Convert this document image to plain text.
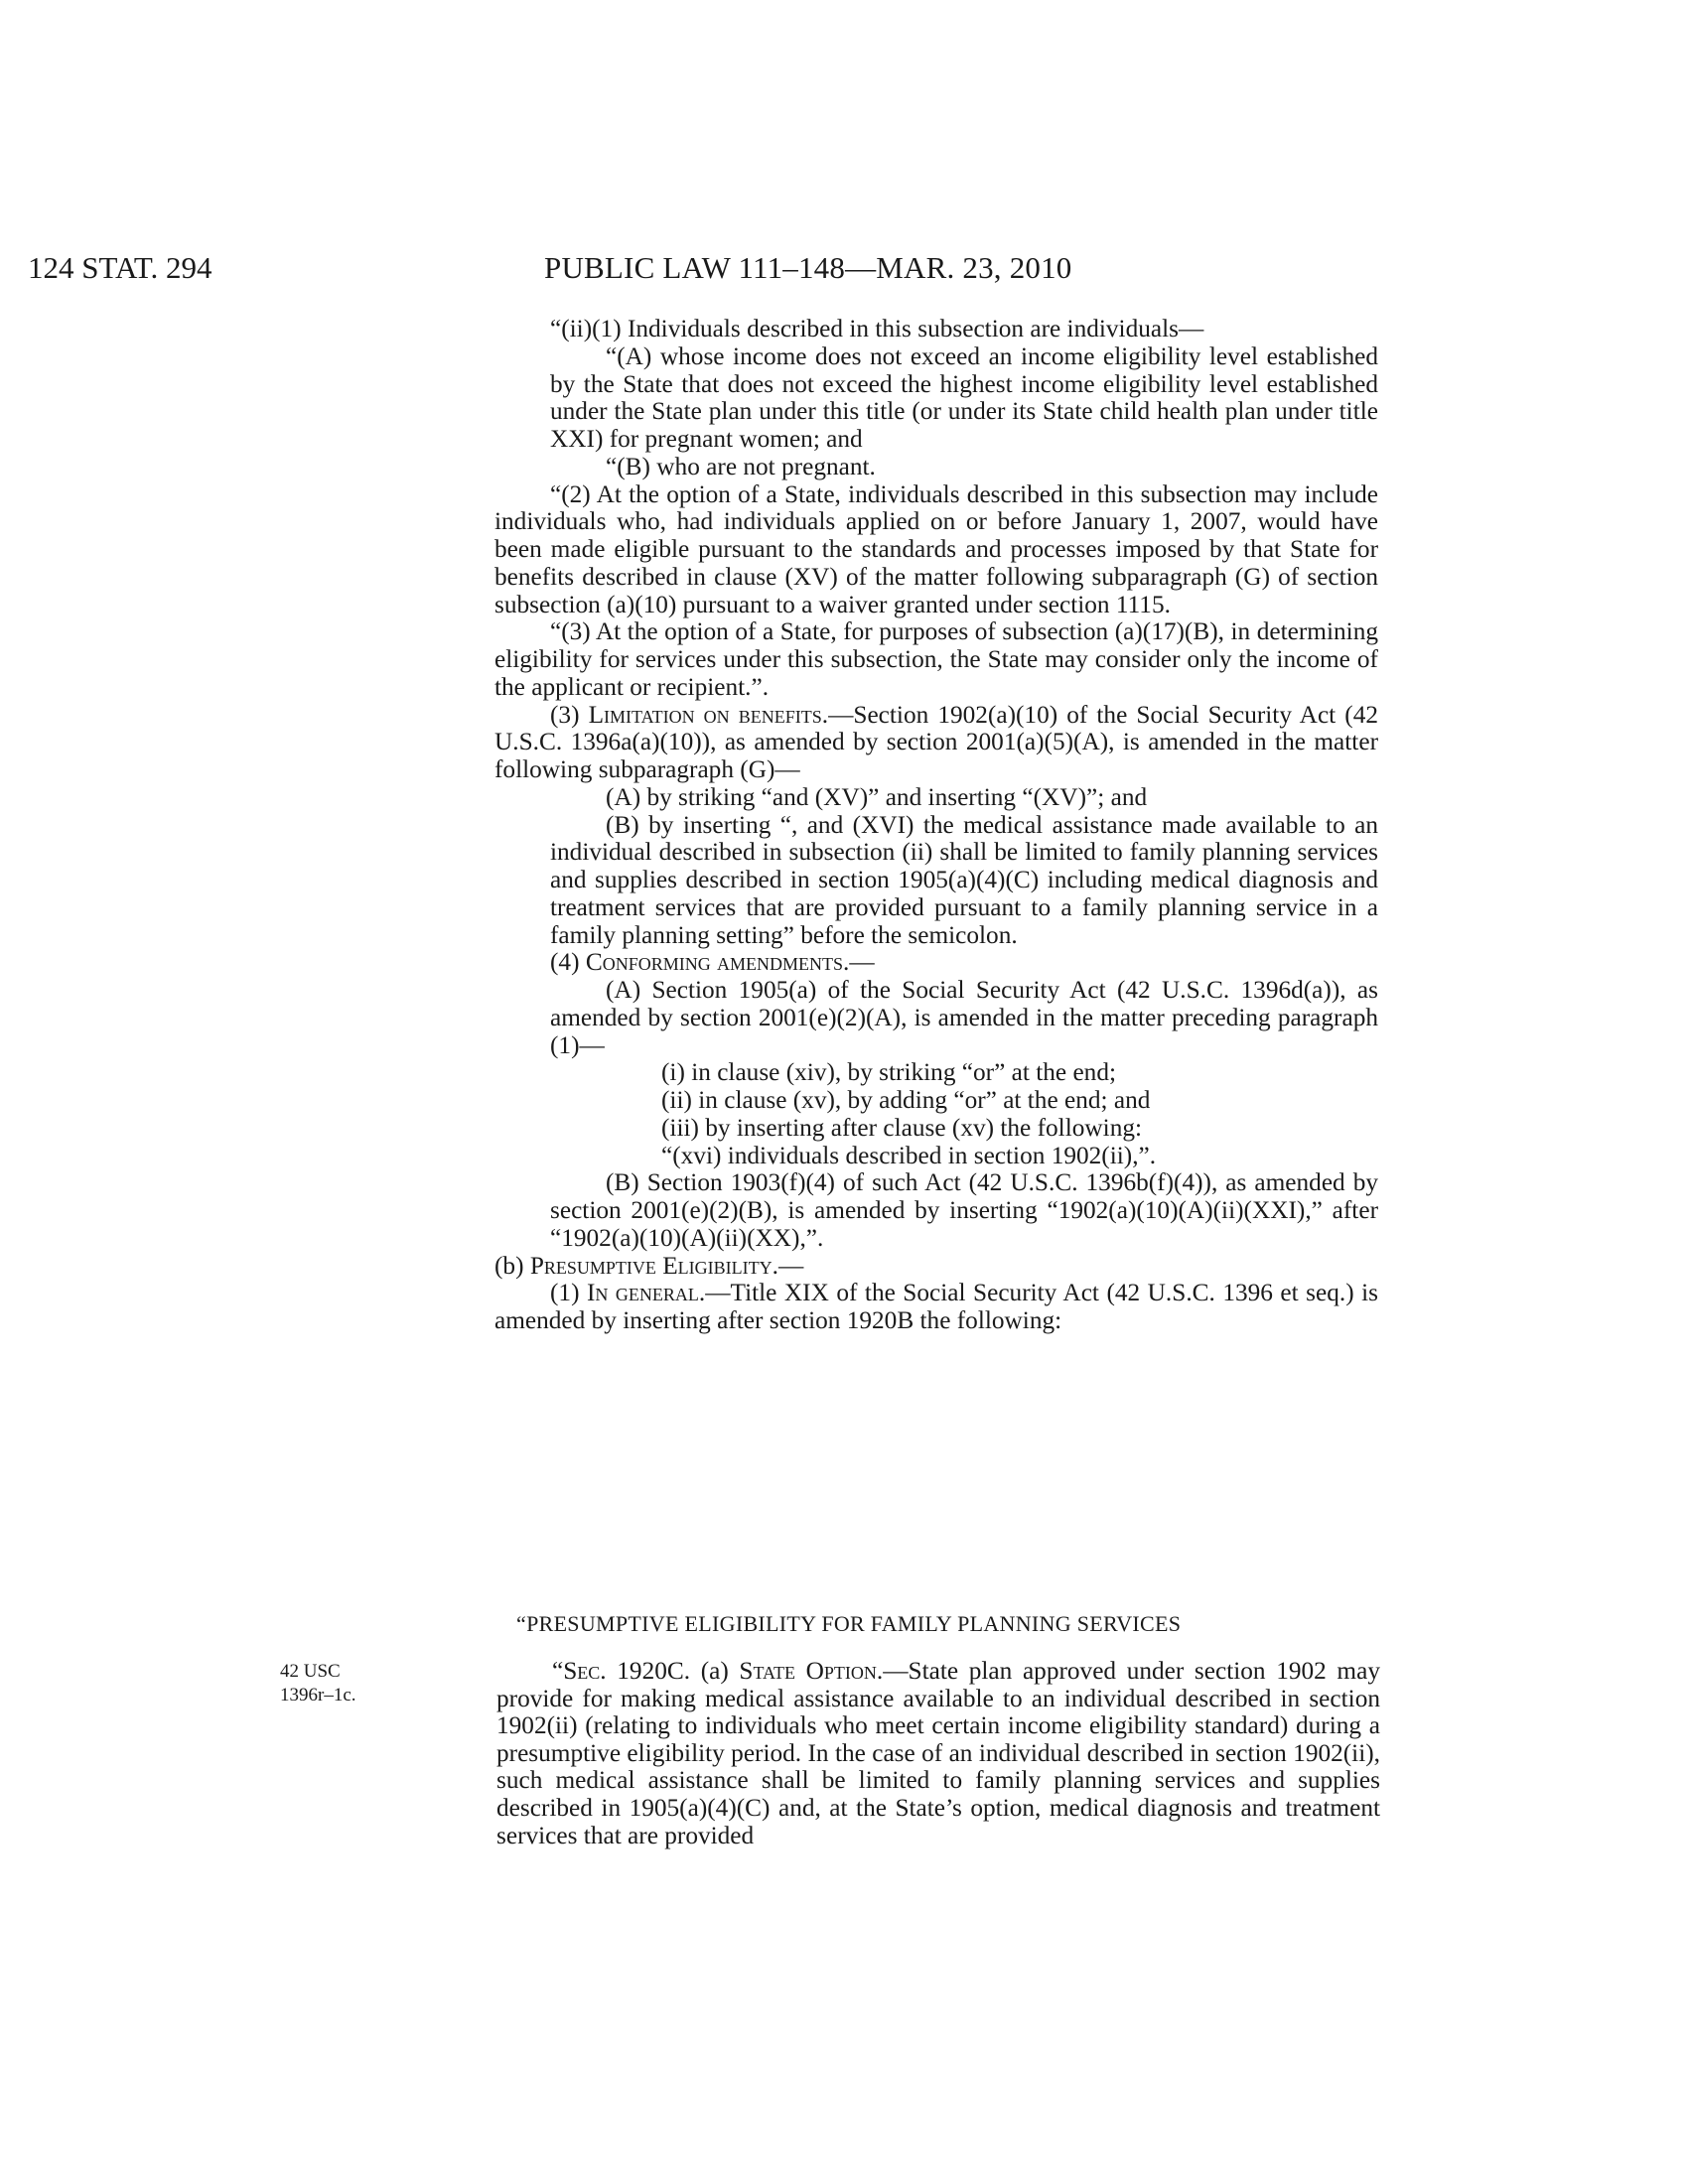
124 STAT. 294	PUBLIC LAW 111–148—MAR. 23, 2010

“(ii)(1) Individuals described in this subsection are individuals—

“(A) whose income does not exceed an income eligibility level established by the State that does not exceed the highest income eligibility level established under the State plan under this title (or under its State child health plan under title XXI) for pregnant women; and

“(B) who are not pregnant.

“(2) At the option of a State, individuals described in this subsection may include individuals who, had individuals applied on or before January 1, 2007, would have been made eligible pursuant to the standards and processes imposed by that State for benefits described in clause (XV) of the matter following subparagraph (G) of section subsection (a)(10) pursuant to a waiver granted under section 1115.

“(3) At the option of a State, for purposes of subsection (a)(17)(B), in determining eligibility for services under this subsection, the State may consider only the income of the applicant or recipient.”.

(3) Limitation on benefits.—Section 1902(a)(10) of the Social Security Act (42 U.S.C. 1396a(a)(10)), as amended by section 2001(a)(5)(A), is amended in the matter following subparagraph (G)—

(A) by striking “and (XV)” and inserting “(XV)”; and

(B) by inserting “, and (XVI) the medical assistance made available to an individual described in subsection (ii) shall be limited to family planning services and supplies described in section 1905(a)(4)(C) including medical diagnosis and treatment services that are provided pursuant to a family planning service in a family planning setting” before the semicolon.

(4) Conforming amendments.—

(A) Section 1905(a) of the Social Security Act (42 U.S.C. 1396d(a)), as amended by section 2001(e)(2)(A), is amended in the matter preceding paragraph (1)—

(i) in clause (xiv), by striking “or” at the end;

(ii) in clause (xv), by adding “or” at the end; and

(iii) by inserting after clause (xv) the following:

“(xvi) individuals described in section 1902(ii),”.

(B) Section 1903(f)(4) of such Act (42 U.S.C. 1396b(f)(4)), as amended by section 2001(e)(2)(B), is amended by inserting “1902(a)(10)(A)(ii)(XXI),” after “1902(a)(10)(A)(ii)(XX),”.

(b) Presumptive Eligibility.—

(1) In general.—Title XIX of the Social Security Act (42 U.S.C. 1396 et seq.) is amended by inserting after section 1920B the following:

“PRESUMPTIVE ELIGIBILITY FOR FAMILY PLANNING SERVICES
42 USC
1396r–1c.

“Sec. 1920C. (a) State Option.—State plan approved under section 1902 may provide for making medical assistance available to an individual described in section 1902(ii) (relating to individuals who meet certain income eligibility standard) during a presumptive eligibility period. In the case of an individual described in section 1902(ii), such medical assistance shall be limited to family planning services and supplies described in 1905(a)(4)(C) and, at the State’s option, medical diagnosis and treatment services that are provided
